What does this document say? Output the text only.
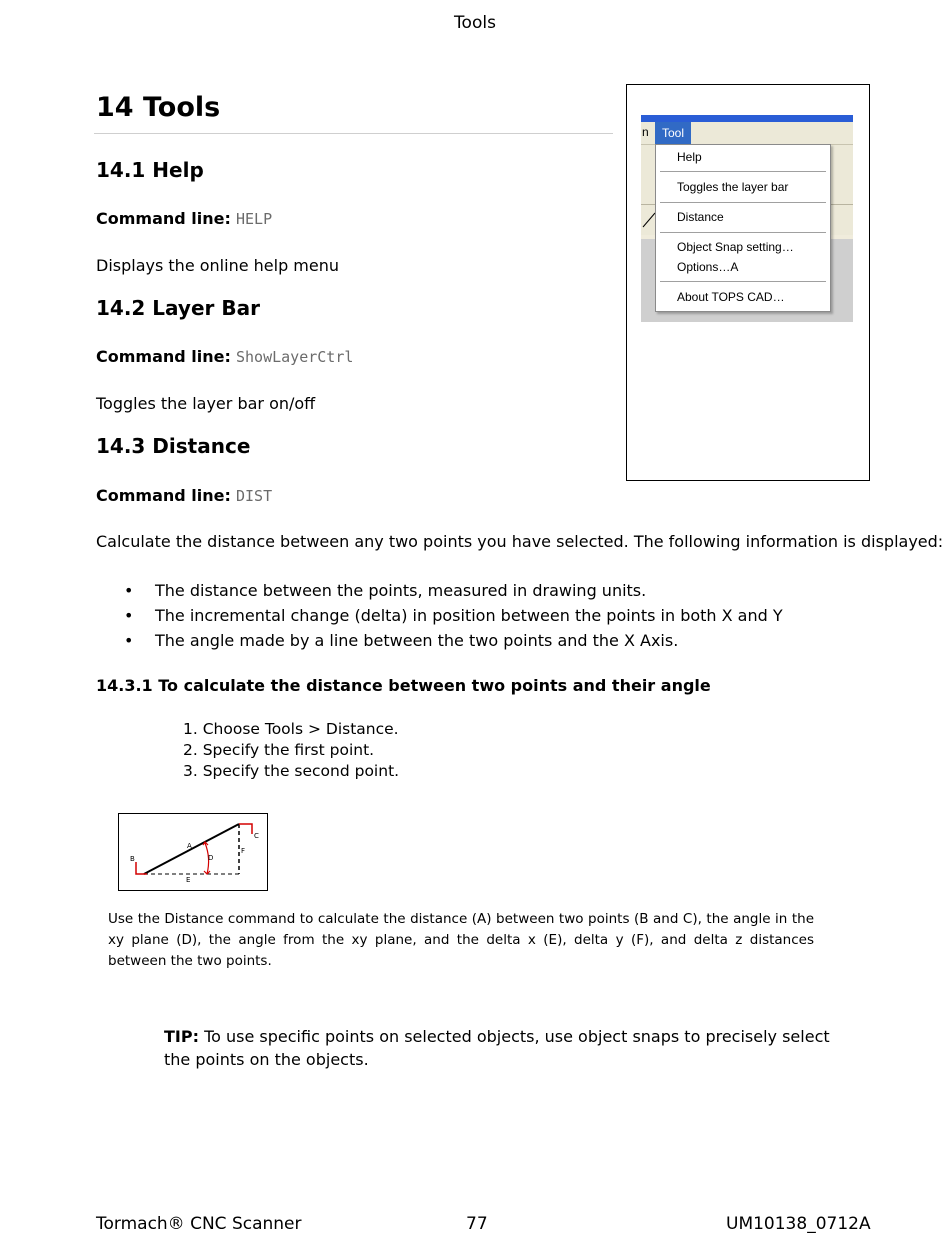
Tools
14 Tools
14.1 Help
Command line: HELP
Displays the online help menu
14.2 Layer Bar
Command line: ShowLayerCtrl
Toggles the layer bar on/off
14.3 Distance
Command line: DIST
Calculate the distance between any two points you have selected. The following information is displayed:
• The distance between the points, measured in drawing units.
• The incremental change (delta) in position between the points in both X and Y
• The angle made by a line between the two points and the X Axis.
14.3.1 To calculate the distance between two points and their angle
1. Choose Tools > Distance.
2. Specify the first point.
3. Specify the second point.
n	Tool
Help
Toggles the layer bar
Distance
Object Snap setting…
Options…A
About TOPS CAD…
B
C
A
D
E
F
Use the Distance command to calculate the distance (A) between two points (B and C), the angle in the xy plane (D), the angle from the xy plane, and the delta x (E), delta y (F), and delta z distances between the two points.
TIP: To use specific points on selected objects, use object snaps to precisely select the points on the objects.
Tormach® CNC Scanner	77	UM10138_0712A
